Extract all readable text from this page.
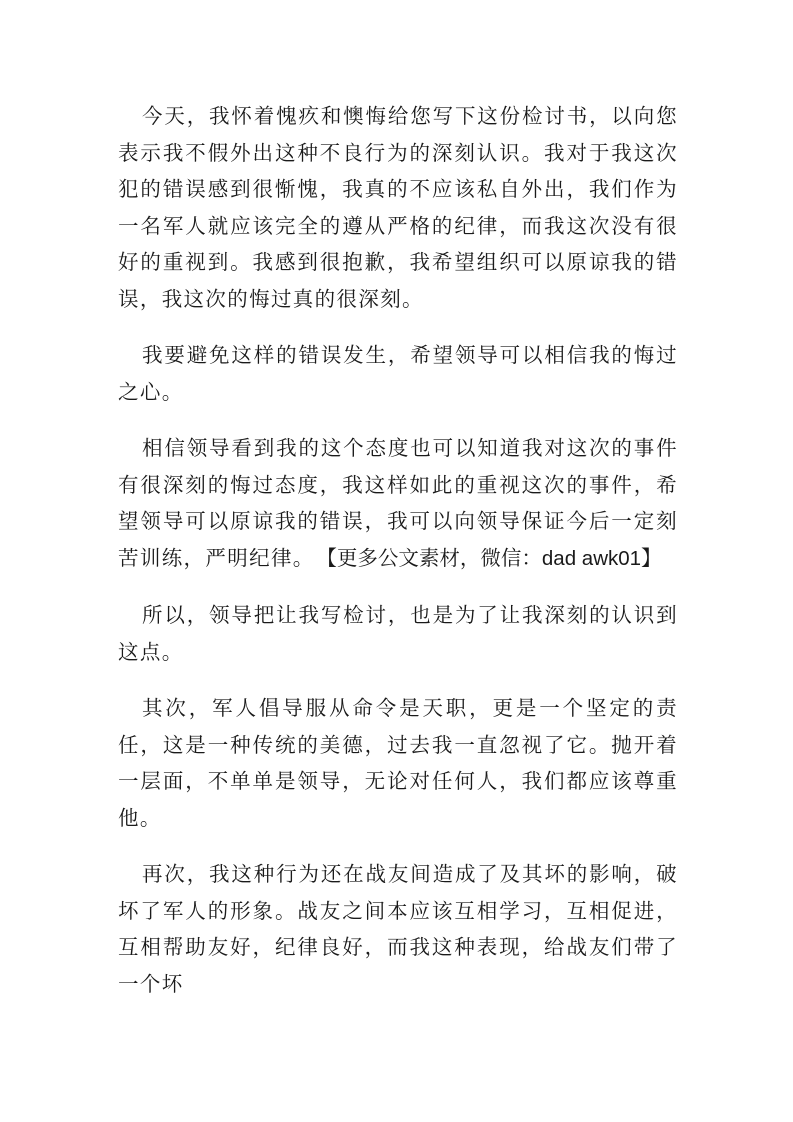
今天，我怀着愧疚和懊悔给您写下这份检讨书，以向您表示我不假外出这种不良行为的深刻认识。我对于我这次犯的错误感到很惭愧，我真的不应该私自外出，我们作为一名军人就应该完全的遵从严格的纪律，而我这次没有很好的重视到。我感到很抱歉，我希望组织可以原谅我的错误，我这次的悔过真的很深刻。

我要避免这样的错误发生，希望领导可以相信我的悔过之心。

相信领导看到我的这个态度也可以知道我对这次的事件有很深刻的悔过态度，我这样如此的重视这次的事件，希望领导可以原谅我的错误，我可以向领导保证今后一定刻苦训练，严明纪律。 【更多公文素材，微信：dad awk01】

所以，领导把让我写检讨，也是为了让我深刻的认识到这点。

其次，军人倡导服从命令是天职，更是一个坚定的责任，这是一种传统的美德，过去我一直忽视了它。抛开着一层面，不单单是领导，无论对任何人，我们都应该尊重他。

再次，我这种行为还在战友间造成了及其坏的影响，破坏了军人的形象。战友之间本应该互相学习，互相促进，互相帮助友好，纪律良好，而我这种表现，给战友们带了一个坏
